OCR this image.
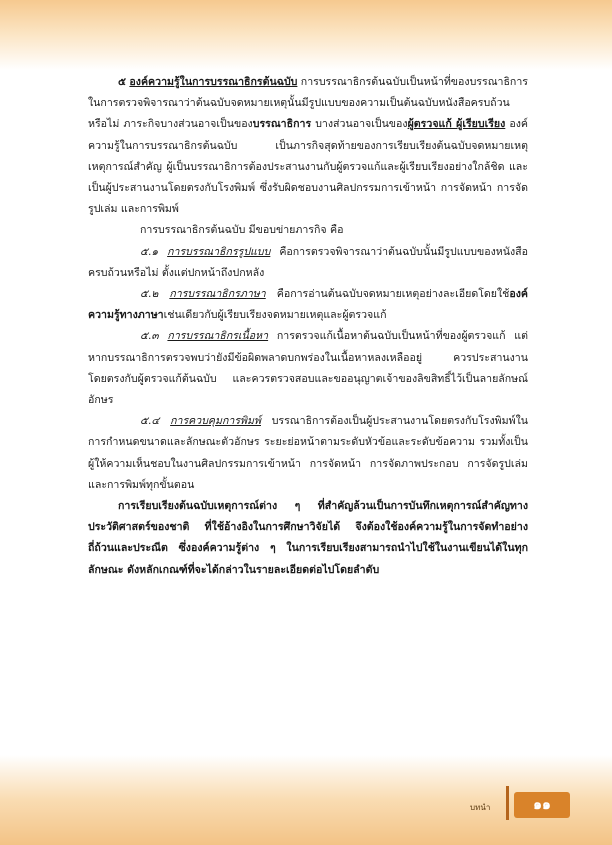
๕ องค์ความรู้ในการบรรณาธิกรต้นฉบับ การบรรณาธิกรต้นฉบับเป็นหน้าที่ของบรรณาธิการ ในการตรวจพิจารณาว่าต้นฉบับจดหมายเหตุนั้นมีรูปแบบของความเป็นต้นฉบับหนังสือครบถ้วนหรือไม่ ภาระกิจบางส่วนอาจเป็นของบรรณาธิการ บางส่วนอาจเป็นของผู้ตรวจแก้ ผู้เรียบเรียง องค์ความรู้ในการบรรณาธิกรต้นฉบับ เป็นภารกิจสุดท้ายของการเรียบเรียงต้นฉบับจดหมายเหตุเหตุการณ์สำคัญ ผู้เป็นบรรณาธิการต้องประสานงานกับผู้ตรวจแก้และผู้เรียบเรียงอย่างใกล้ชิด และเป็นผู้ประสานงานโดยตรงกับโรงพิมพ์ ซึ่งรับผิดชอบงานศิลปกรรมการเข้าหน้า การจัดหน้า การจัดรูปเล่ม และการพิมพ์

การบรรณาธิกรต้นฉบับ มีขอบข่ายภารกิจ คือ

๕.๑ การบรรณาธิกรรูปแบบ คือการตรวจพิจารณาว่าต้นฉบับนั้นมีรูปแบบของหนังสือครบถ้วนหรือไม่ ตั้งแต่ปกหน้าถึงปกหลัง

๕.๒ การบรรณาธิกรภาษา คือการอ่านต้นฉบับจดหมายเหตุอย่างละเอียดโดยใช้องค์ความรู้ทางภาษาเช่นเดียวกับผู้เรียบเรียงจดหมายเหตุและผู้ตรวจแก้

๕.๓ การบรรณาธิกรเนื้อหา การตรวจแก้เนื้อหาต้นฉบับเป็นหน้าที่ของผู้ตรวจแก้ แต่หากบรรณาธิการตรวจพบว่ายังมีข้อผิดพลาดบกพร่องในเนื้อหาหลงเหลืออยู่ ควรประสานงานโดยตรงกับผู้ตรวจแก้ต้นฉบับ และควรตรวจสอบและขออนุญาตเจ้าของลิขสิทธิ์ไว้เป็นลายลักษณ์อักษร

๕.๔ การควบคุมการพิมพ์ บรรณาธิการต้องเป็นผู้ประสานงานโดยตรงกับโรงพิมพ์ในการกำหนดขนาดและลักษณะตัวอักษร ระยะย่อหน้าตามระดับหัวข้อและระดับข้อความ รวมทั้งเป็นผู้ให้ความเห็นชอบในงานศิลปกรรมการเข้าหน้า การจัดหน้า การจัดภาพประกอบ การจัดรูปเล่ม และการพิมพ์ทุกขั้นตอน

การเรียบเรียงต้นฉบับเหตุการณ์ต่าง ๆ ที่สำคัญล้วนเป็นการบันทึกเหตุการณ์สำคัญทางประวัติศาสตร์ของชาติ ที่ใช้อ้างอิงในการศึกษาวิจัยได้ จึงต้องใช้องค์ความรู้ในการจัดทำอย่างถี่ถ้วนและประณีต ซึ่งองค์ความรู้ต่าง ๆ ในการเรียบเรียงสามารถนำไปใช้ในงานเขียนได้ในทุกลักษณะ ดังหลักเกณฑ์ที่จะได้กล่าวในรายละเอียดต่อไปโดยลำดับ

บทนำ	๑๑
